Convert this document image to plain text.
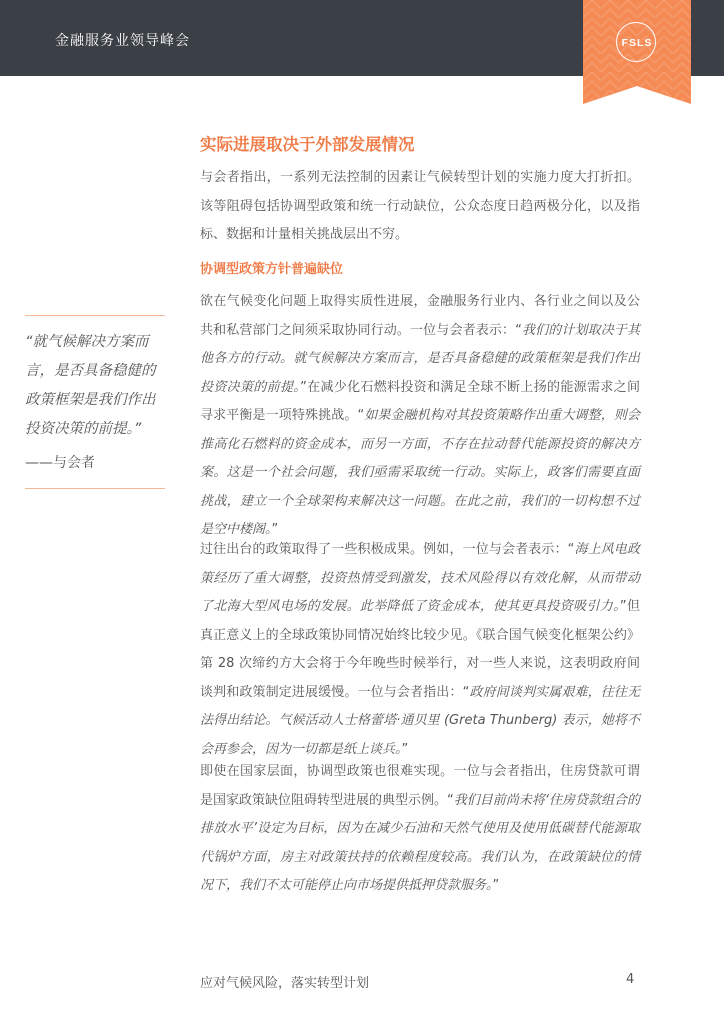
金融服务业领导峰会	FSLS
实际进展取决于外部发展情况

与会者指出，一系列无法控制的因素让气候转型计划的实施力度大打折扣。该等阻碍包括协调型政策和统一行动缺位，公众态度日趋两极分化，以及指标、数据和计量相关挑战层出不穷。

协调型政策方针普遍缺位

欲在气候变化问题上取得实质性进展，金融服务行业内、各行业之间以及公共和私营部门之间须采取协同行动。一位与会者表示：“我们的计划取决于其他各方的行动。就气候解决方案而言，是否具备稳健的政策框架是我们作出投资决策的前提。”在减少化石燃料投资和满足全球不断上扬的能源需求之间寻求平衡是一项特殊挑战。“如果金融机构对其投资策略作出重大调整，则会推高化石燃料的资金成本，而另一方面，不存在拉动替代能源投资的解决方案。这是一个社会问题，我们亟需采取统一行动。实际上，政客们需要直面挑战，建立一个全球架构来解决这一问题。在此之前，我们的一切构想不过是空中楼阁。”

过往出台的政策取得了一些积极成果。例如，一位与会者表示：“海上风电政策经历了重大调整，投资热情受到激发，技术风险得以有效化解，从而带动了北海大型风电场的发展。此举降低了资金成本，使其更具投资吸引力。”但真正意义上的全球政策协同情况始终比较少见。《联合国气候变化框架公约》第 28 次缔约方大会将于今年晚些时候举行，对一些人来说，这表明政府间谈判和政策制定进展缓慢。一位与会者指出：“政府间谈判实属艰难，往往无法得出结论。气候活动人士格蕾塔·通贝里 (Greta Thunberg) 表示，她将不会再参会，因为一切都是纸上谈兵。”

即使在国家层面，协调型政策也很难实现。一位与会者指出，住房贷款可谓是国家政策缺位阻碍转型进展的典型示例。“我们目前尚未将‘住房贷款组合的排放水平’设定为目标，因为在减少石油和天然气使用及使用低碳替代能源取代锅炉方面，房主对政策扶持的依赖程度较高。我们认为，在政策缺位的情况下，我们不太可能停止向市场提供抵押贷款服务。”

“就气候解决方案而言，是否具备稳健的政策框架是我们作出投资决策的前提。”
——与会者
应对气候风险，落实转型计划	4
